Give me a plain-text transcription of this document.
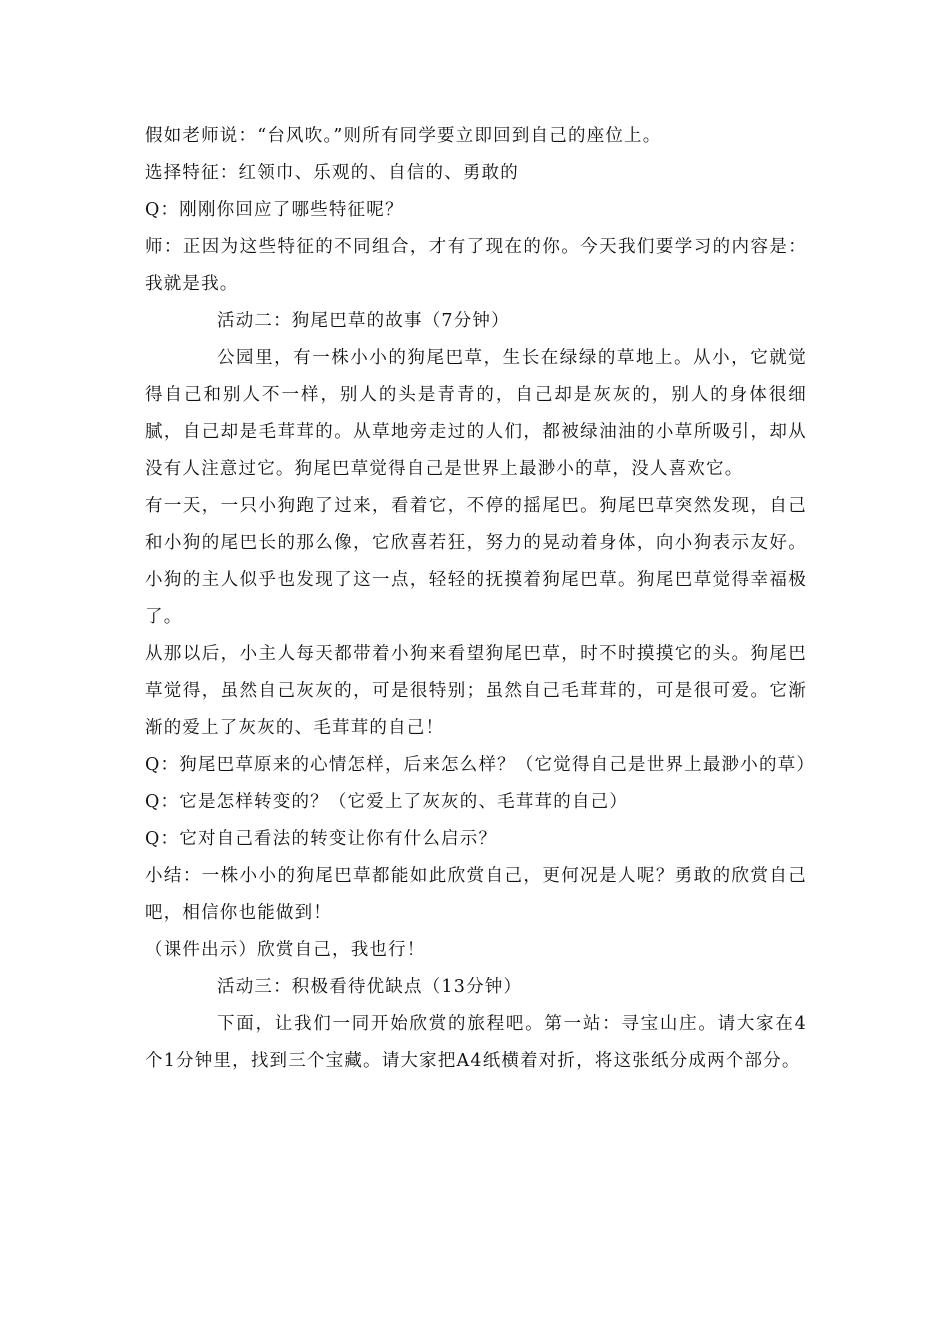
假如老师说：“台风吹。”则所有同学要立即回到自己的座位上。

选择特征：红领巾、乐观的、自信的、勇敢的

Q：刚刚你回应了哪些特征呢？

师：正因为这些特征的不同组合，才有了现在的你。今天我们要学习的内容是：我就是我。

活动二：狗尾巴草的故事（7分钟）

公园里，有一株小小的狗尾巴草，生长在绿绿的草地上。从小，它就觉得自己和别人不一样，别人的头是青青的，自己却是灰灰的，别人的身体很细腻，自己却是毛茸茸的。从草地旁走过的人们，都被绿油油的小草所吸引，却从没有人注意过它。狗尾巴草觉得自己是世界上最渺小的草，没人喜欢它。

有一天，一只小狗跑了过来，看着它，不停的摇尾巴。狗尾巴草突然发现，自己和小狗的尾巴长的那么像，它欣喜若狂，努力的晃动着身体，向小狗表示友好。小狗的主人似乎也发现了这一点，轻轻的抚摸着狗尾巴草。狗尾巴草觉得幸福极了。

从那以后，小主人每天都带着小狗来看望狗尾巴草，时不时摸摸它的头。狗尾巴草觉得，虽然自己灰灰的，可是很特别；虽然自己毛茸茸的，可是很可爱。它渐渐的爱上了灰灰的、毛茸茸的自己！

Q：狗尾巴草原来的心情怎样，后来怎么样？（它觉得自己是世界上最渺小的草）

Q：它是怎样转变的？（它爱上了灰灰的、毛茸茸的自己）

Q：它对自己看法的转变让你有什么启示？

小结：一株小小的狗尾巴草都能如此欣赏自己，更何况是人呢？勇敢的欣赏自己吧，相信你也能做到！

（课件出示）欣赏自己，我也行！

活动三：积极看待优缺点（13分钟）

下面，让我们一同开始欣赏的旅程吧。第一站：寻宝山庄。请大家在4个1分钟里，找到三个宝藏。请大家把A4纸横着对折，将这张纸分成两个部分。
